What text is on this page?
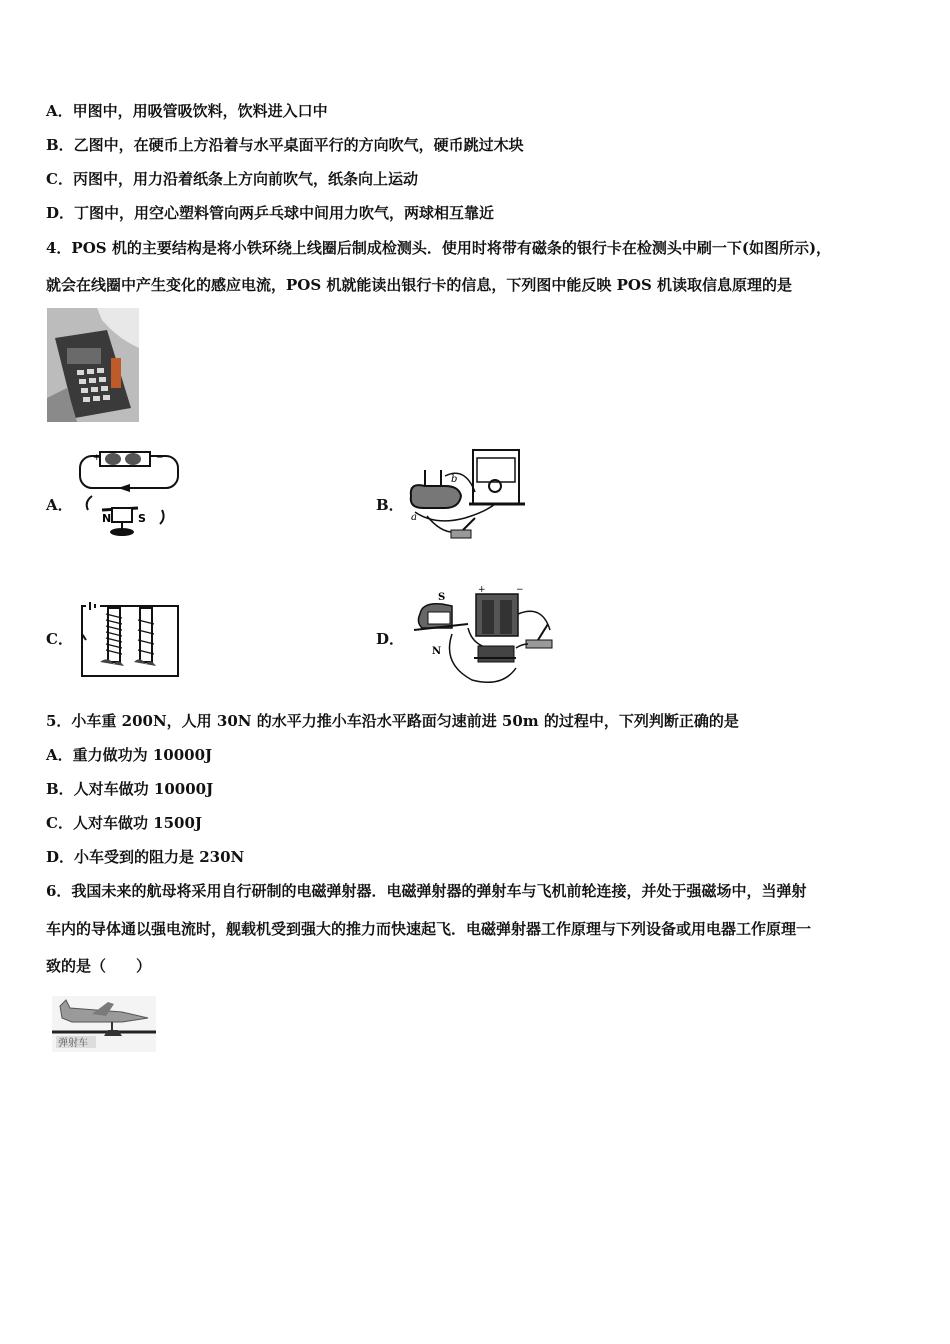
A．甲图中，用吸管吸饮料，饮料进入口中
B．乙图中，在硬币上方沿着与水平桌面平行的方向吹气，硬币跳过木块
C．丙图中，用力沿着纸条上方向前吹气，纸条向上运动
D．丁图中，用空心塑料管向两乒乓球中间用力吹气，两球相互靠近
4．POS 机的主要结构是将小铁环绕上线圈后制成检测头．使用时将带有磁条的银行卡在检测头中刷一下(如图所示)，
就会在线圈中产生变化的感应电流，POS 机就能读出银行卡的信息，下列图中能反映 POS 机读取信息原理的是
A．
+	−
N S
B．
b
a
C．	D．
S
N
+	−
5．小车重 200N，人用 30N 的水平力推小车沿水平路面匀速前进 50m 的过程中，下列判断正确的是
A．重力做功为 10000J
B．人对车做功 10000J
C．人对车做功 1500J
D．小车受到的阻力是 230N
6．我国未来的航母将采用自行研制的电磁弹射器．电磁弹射器的弹射车与飞机前轮连接，并处于强磁场中，当弹射
车内的导体通以强电流时，舰载机受到强大的推力而快速起飞．电磁弹射器工作原理与下列设备或用电器工作原理一
致的是（　　）
弹射车
